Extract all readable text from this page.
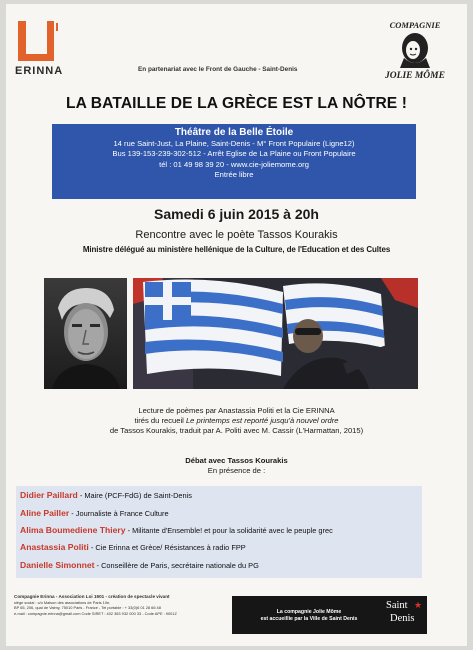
ERINNA	En partenariat avec le Front de Gauche - Saint-Denis
COMPAGNIE
JOLIE MÔME
LA BATAILLE DE LA GRÈCE EST LA NÔTRE !
Théâtre de la Belle Étoile
14 rue Saint-Just, La Plaine, Saint-Denis - M° Front Populaire (Ligne12)
Bus 139-153-239-302-512 - Arrêt Eglise de La Plaine ou Front Populaire
tél : 01 49 98 39 20 - www.cie-joliemome.org
Entrée libre
Samedi 6 juin 2015 à 20h
Rencontre avec le poète Tassos Kourakis
Ministre délégué au ministère hellénique de la Culture, de l'Education et des Cultes
Lecture de poèmes par Anastassia Politi et la Cie ERINNA
tirés du recueil Le printemps est reporté jusqu'à nouvel ordre
de Tassos Kourakis, traduit par A. Politi avec M. Cassir (L'Harmattan, 2015)
Débat avec Tassos Kourakis
En présence de :
Didier Paillard - Maire (PCF-FdG) de Saint-Denis
Aline Pailler - Journaliste à France Culture
Alima Boumediene Thiery - Militante d'Ensemble! et pour la solidarité avec le peuple grec
Anastassia Politi - Cie Erinna et Grèce/ Résistances à radio FPP
Danielle Simonnet - Conseillère de Paris, secrétaire nationale du PG
Compagnie Erinna - Association Loi 1901 - création de spectacle vivant
siège social : c/o Maison des associations de Paris 10e,
BP 65, 206, quai de Valmy, 75010 Paris - France - Tel portable : + 33(0)6 01 28 66 48
e-mail : compagnie.erinna@gmail.com Code SIRET : 402 363 932 000 33 - Code APE : 9001Z	La compagnie Jolie Môme
est accueillie par la Ville de Saint Denis
Saint ★
Denis
